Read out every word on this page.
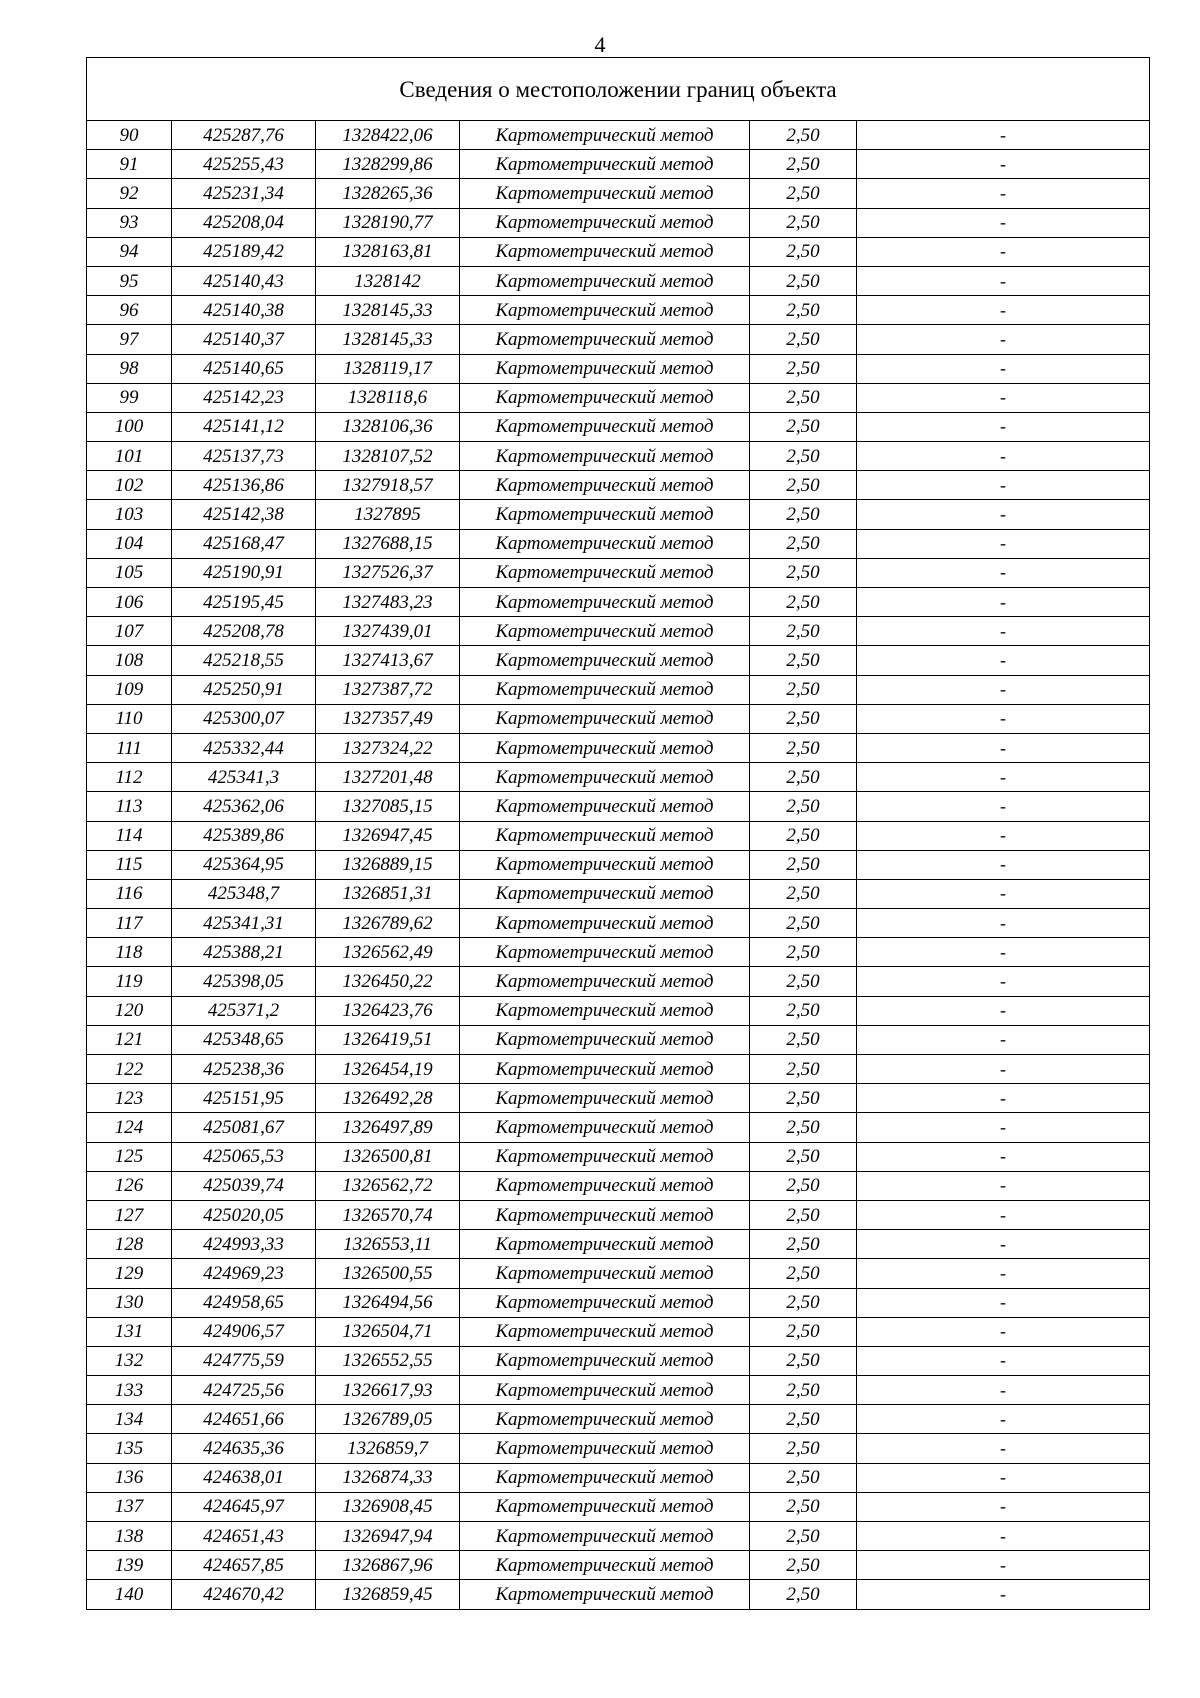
4
Сведения о местоположении границ объекта					
90	425287,76	1328422,06	Картометрический метод	2,50	-
91	425255,43	1328299,86	Картометрический метод	2,50	-
92	425231,34	1328265,36	Картометрический метод	2,50	-
93	425208,04	1328190,77	Картометрический метод	2,50	-
94	425189,42	1328163,81	Картометрический метод	2,50	-
95	425140,43	1328142	Картометрический метод	2,50	-
96	425140,38	1328145,33	Картометрический метод	2,50	-
97	425140,37	1328145,33	Картометрический метод	2,50	-
98	425140,65	1328119,17	Картометрический метод	2,50	-
99	425142,23	1328118,6	Картометрический метод	2,50	-
100	425141,12	1328106,36	Картометрический метод	2,50	-
101	425137,73	1328107,52	Картометрический метод	2,50	-
102	425136,86	1327918,57	Картометрический метод	2,50	-
103	425142,38	1327895	Картометрический метод	2,50	-
104	425168,47	1327688,15	Картометрический метод	2,50	-
105	425190,91	1327526,37	Картометрический метод	2,50	-
106	425195,45	1327483,23	Картометрический метод	2,50	-
107	425208,78	1327439,01	Картометрический метод	2,50	-
108	425218,55	1327413,67	Картометрический метод	2,50	-
109	425250,91	1327387,72	Картометрический метод	2,50	-
110	425300,07	1327357,49	Картометрический метод	2,50	-
111	425332,44	1327324,22	Картометрический метод	2,50	-
112	425341,3	1327201,48	Картометрический метод	2,50	-
113	425362,06	1327085,15	Картометрический метод	2,50	-
114	425389,86	1326947,45	Картометрический метод	2,50	-
115	425364,95	1326889,15	Картометрический метод	2,50	-
116	425348,7	1326851,31	Картометрический метод	2,50	-
117	425341,31	1326789,62	Картометрический метод	2,50	-
118	425388,21	1326562,49	Картометрический метод	2,50	-
119	425398,05	1326450,22	Картометрический метод	2,50	-
120	425371,2	1326423,76	Картометрический метод	2,50	-
121	425348,65	1326419,51	Картометрический метод	2,50	-
122	425238,36	1326454,19	Картометрический метод	2,50	-
123	425151,95	1326492,28	Картометрический метод	2,50	-
124	425081,67	1326497,89	Картометрический метод	2,50	-
125	425065,53	1326500,81	Картометрический метод	2,50	-
126	425039,74	1326562,72	Картометрический метод	2,50	-
127	425020,05	1326570,74	Картометрический метод	2,50	-
128	424993,33	1326553,11	Картометрический метод	2,50	-
129	424969,23	1326500,55	Картометрический метод	2,50	-
130	424958,65	1326494,56	Картометрический метод	2,50	-
131	424906,57	1326504,71	Картометрический метод	2,50	-
132	424775,59	1326552,55	Картометрический метод	2,50	-
133	424725,56	1326617,93	Картометрический метод	2,50	-
134	424651,66	1326789,05	Картометрический метод	2,50	-
135	424635,36	1326859,7	Картометрический метод	2,50	-
136	424638,01	1326874,33	Картометрический метод	2,50	-
137	424645,97	1326908,45	Картометрический метод	2,50	-
138	424651,43	1326947,94	Картометрический метод	2,50	-
139	424657,85	1326867,96	Картометрический метод	2,50	-
140	424670,42	1326859,45	Картометрический метод	2,50	-
